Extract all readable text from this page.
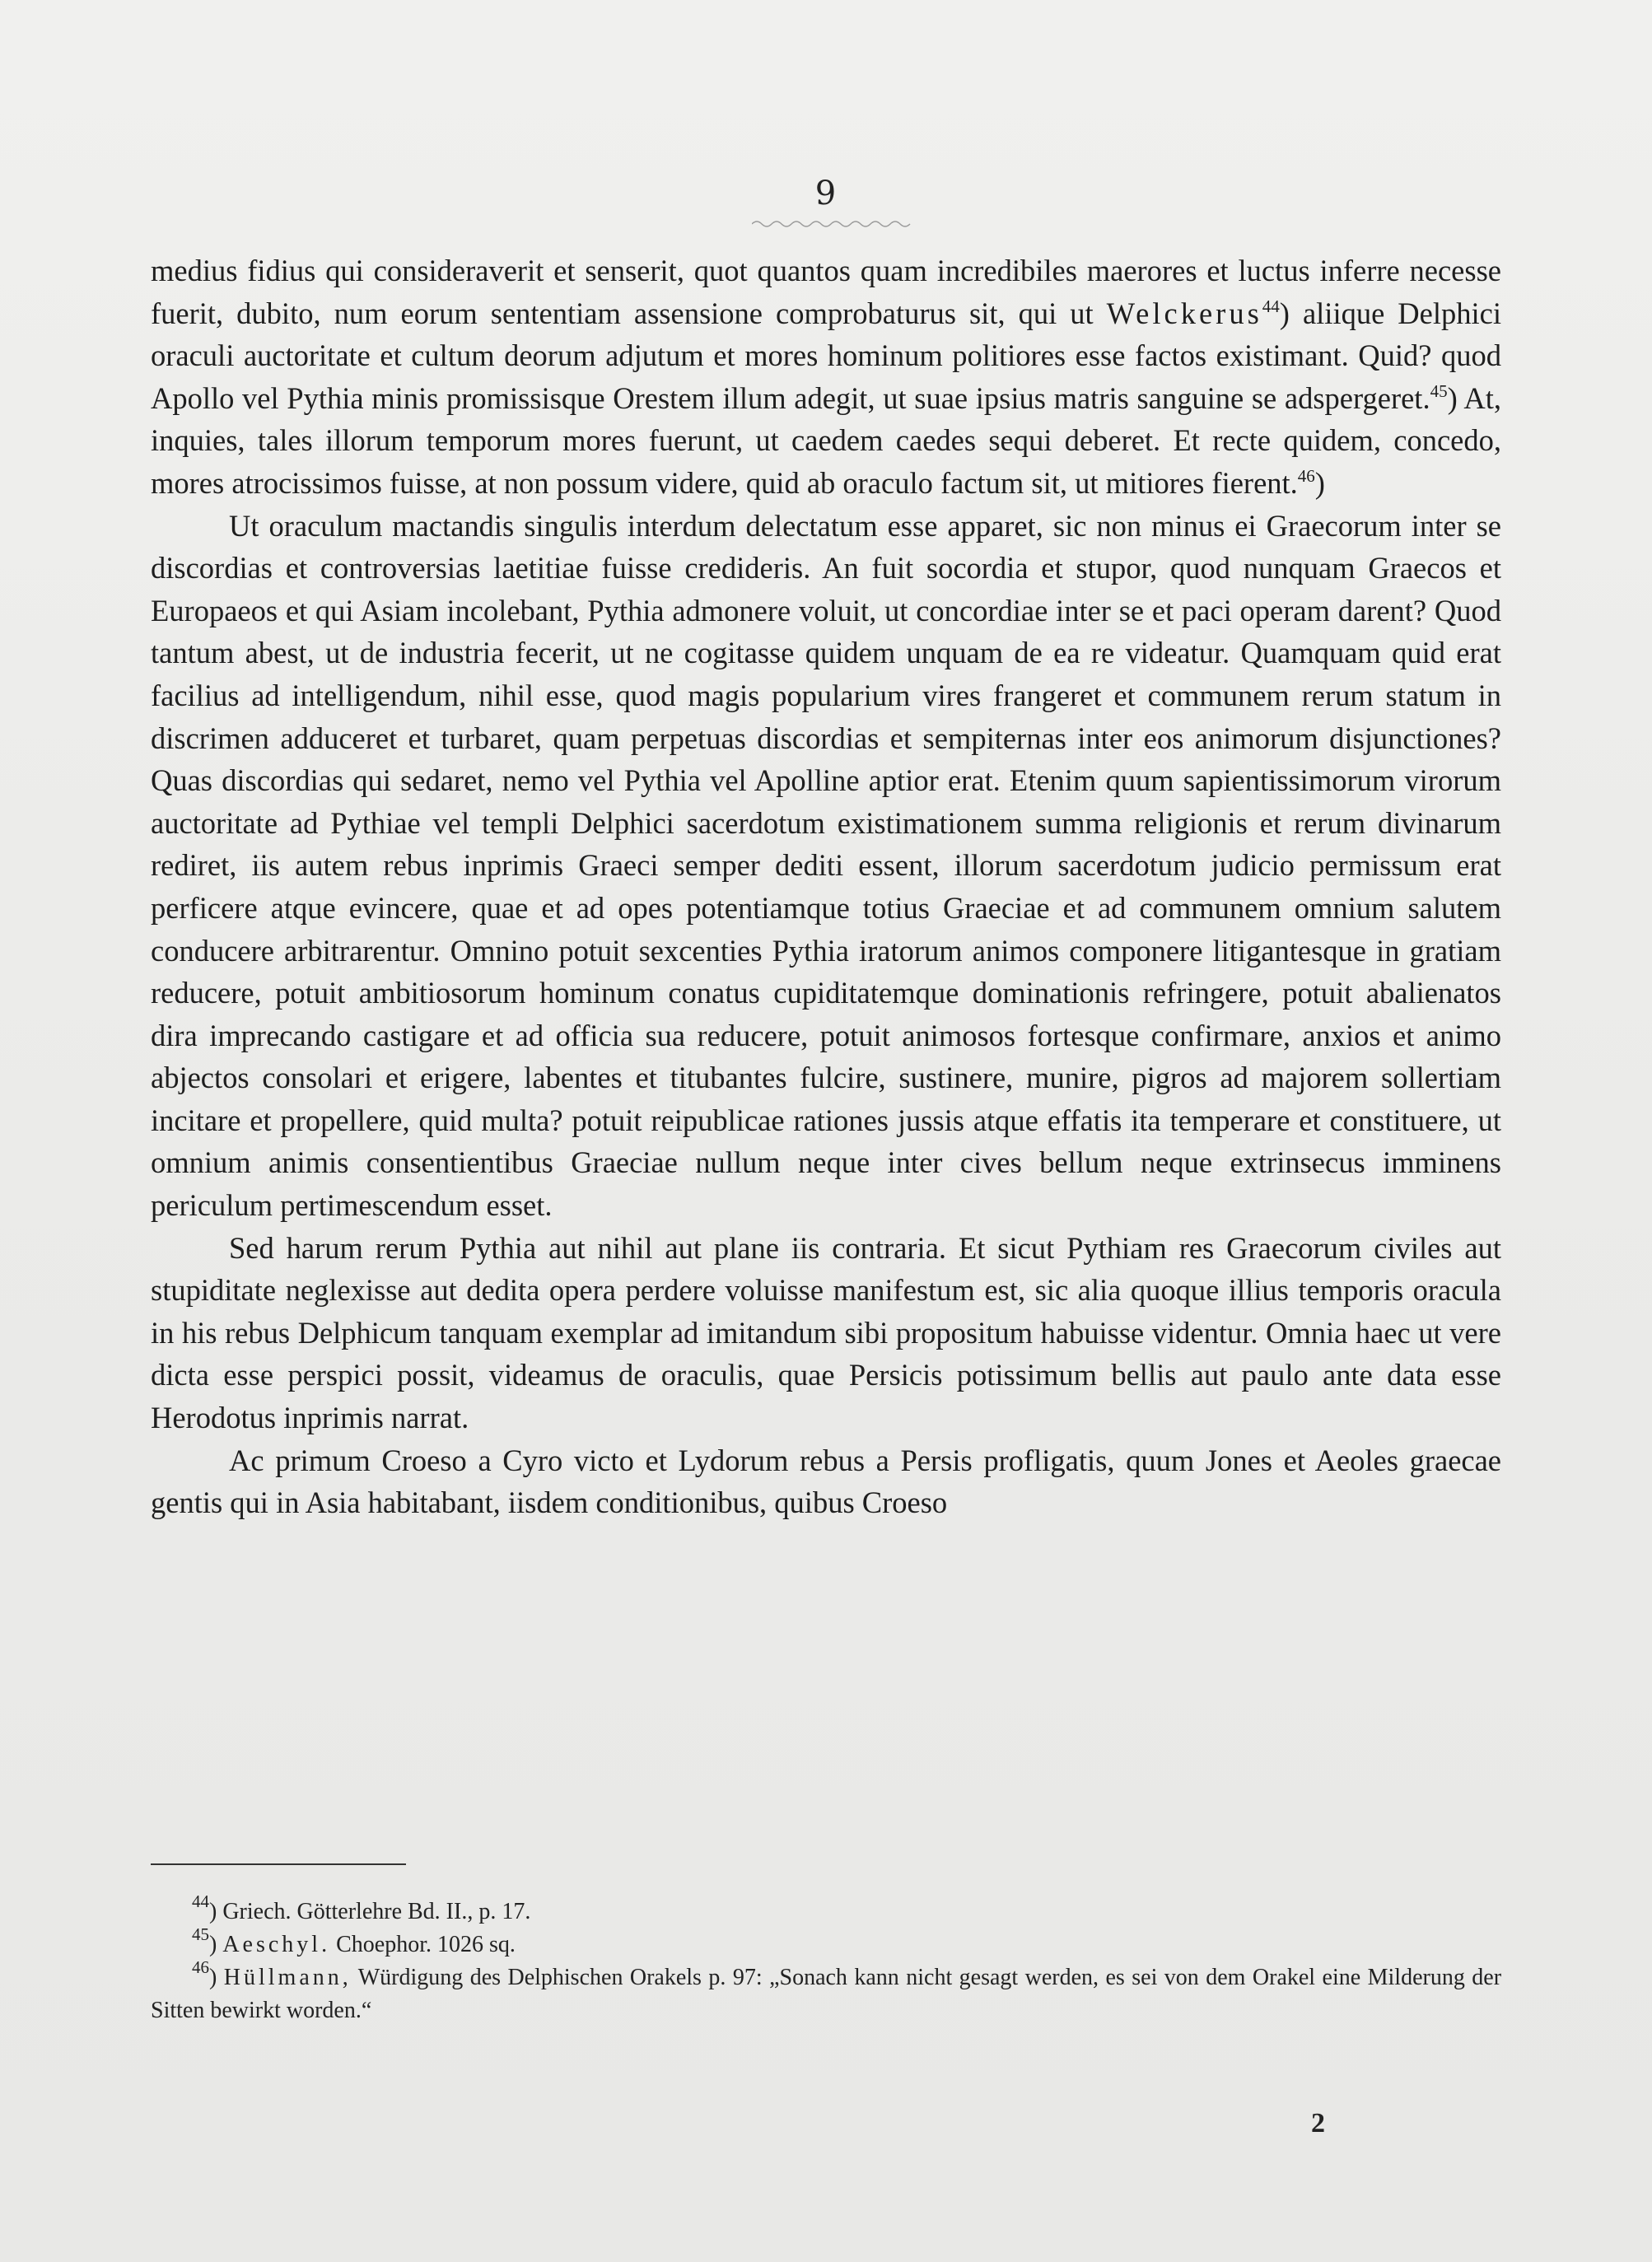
9

medius fidius qui consideraverit et senserit, quot quantos quam incredibiles maerores et luctus inferre necesse fuerit, dubito, num eorum sententiam assensione comprobaturus sit, qui ut Welckerus$^{44}$) aliique Delphici oraculi auctoritate et cultum deorum adjutum et mores hominum politiores esse factos existimant. Quid? quod Apollo vel Pythia minis promissisque Orestem illum adegit, ut suae ipsius matris sanguine se adspergeret.$^{45}$) At, inquies, tales illorum temporum mores fuerunt, ut caedem caedes sequi deberet. Et recte quidem, concedo, mores atrocissimos fuisse, at non possum videre, quid ab oraculo factum sit, ut mitiores fierent.$^{46}$)

Ut oraculum mactandis singulis interdum delectatum esse apparet, sic non minus ei Graecorum inter se discordias et controversias laetitiae fuisse credideris. An fuit socordia et stupor, quod nunquam Graecos et Europaeos et qui Asiam incolebant, Pythia admonere voluit, ut concordiae inter se et paci operam darent? Quod tantum abest, ut de industria fecerit, ut ne cogitasse quidem unquam de ea re videatur. Quamquam quid erat facilius ad intelligendum, nihil esse, quod magis popularium vires frangeret et communem rerum statum in discrimen adduceret et turbaret, quam perpetuas discordias et sempiternas inter eos animorum disjunctiones? Quas discordias qui sedaret, nemo vel Pythia vel Apolline aptior erat. Etenim quum sapientissimorum virorum auctoritate ad Pythiae vel templi Delphici sacerdotum existimationem summa religionis et rerum divinarum rediret, iis autem rebus inprimis Graeci semper dediti essent, illorum sacerdotum judicio permissum erat perficere atque evincere, quae et ad opes potentiamque totius Graeciae et ad communem omnium salutem conducere arbitrarentur. Omnino potuit sexcenties Pythia iratorum animos componere litigantesque in gratiam reducere, potuit ambitiosorum hominum conatus cupiditatemque dominationis refringere, potuit abalienatos dira imprecando castigare et ad officia sua reducere, potuit animosos fortesque confirmare, anxios et animo abjectos consolari et erigere, labentes et titubantes fulcire, sustinere, munire, pigros ad majorem sollertiam incitare et propellere, quid multa? potuit reipublicae rationes jussis atque effatis ita temperare et constituere, ut omnium animis consentientibus Graeciae nullum neque inter cives bellum neque extrinsecus imminens periculum pertimescendum esset.

Sed harum rerum Pythia aut nihil aut plane iis contraria. Et sicut Pythiam res Graecorum civiles aut stupiditate neglexisse aut dedita opera perdere voluisse manifestum est, sic alia quoque illius temporis oracula in his rebus Delphicum tanquam exemplar ad imitandum sibi propositum habuisse videntur. Omnia haec ut vere dicta esse perspici possit, videamus de oraculis, quae Persicis potissimum bellis aut paulo ante data esse Herodotus inprimis narrat.

Ac primum Croeso a Cyro victo et Lydorum rebus a Persis profligatis, quum Jones et Aeoles graecae gentis qui in Asia habitabant, iisdem conditionibus, quibus Croeso

$^{44}$) Griech. Götterlehre Bd. II., p. 17.

$^{45}$) Aeschyl. Choephor. 1026 sq.

$^{46}$) Hüllmann, Würdigung des Delphischen Orakels p. 97: „Sonach kann nicht gesagt werden, es sei von dem Orakel eine Milderung der Sitten bewirkt worden.“

2
